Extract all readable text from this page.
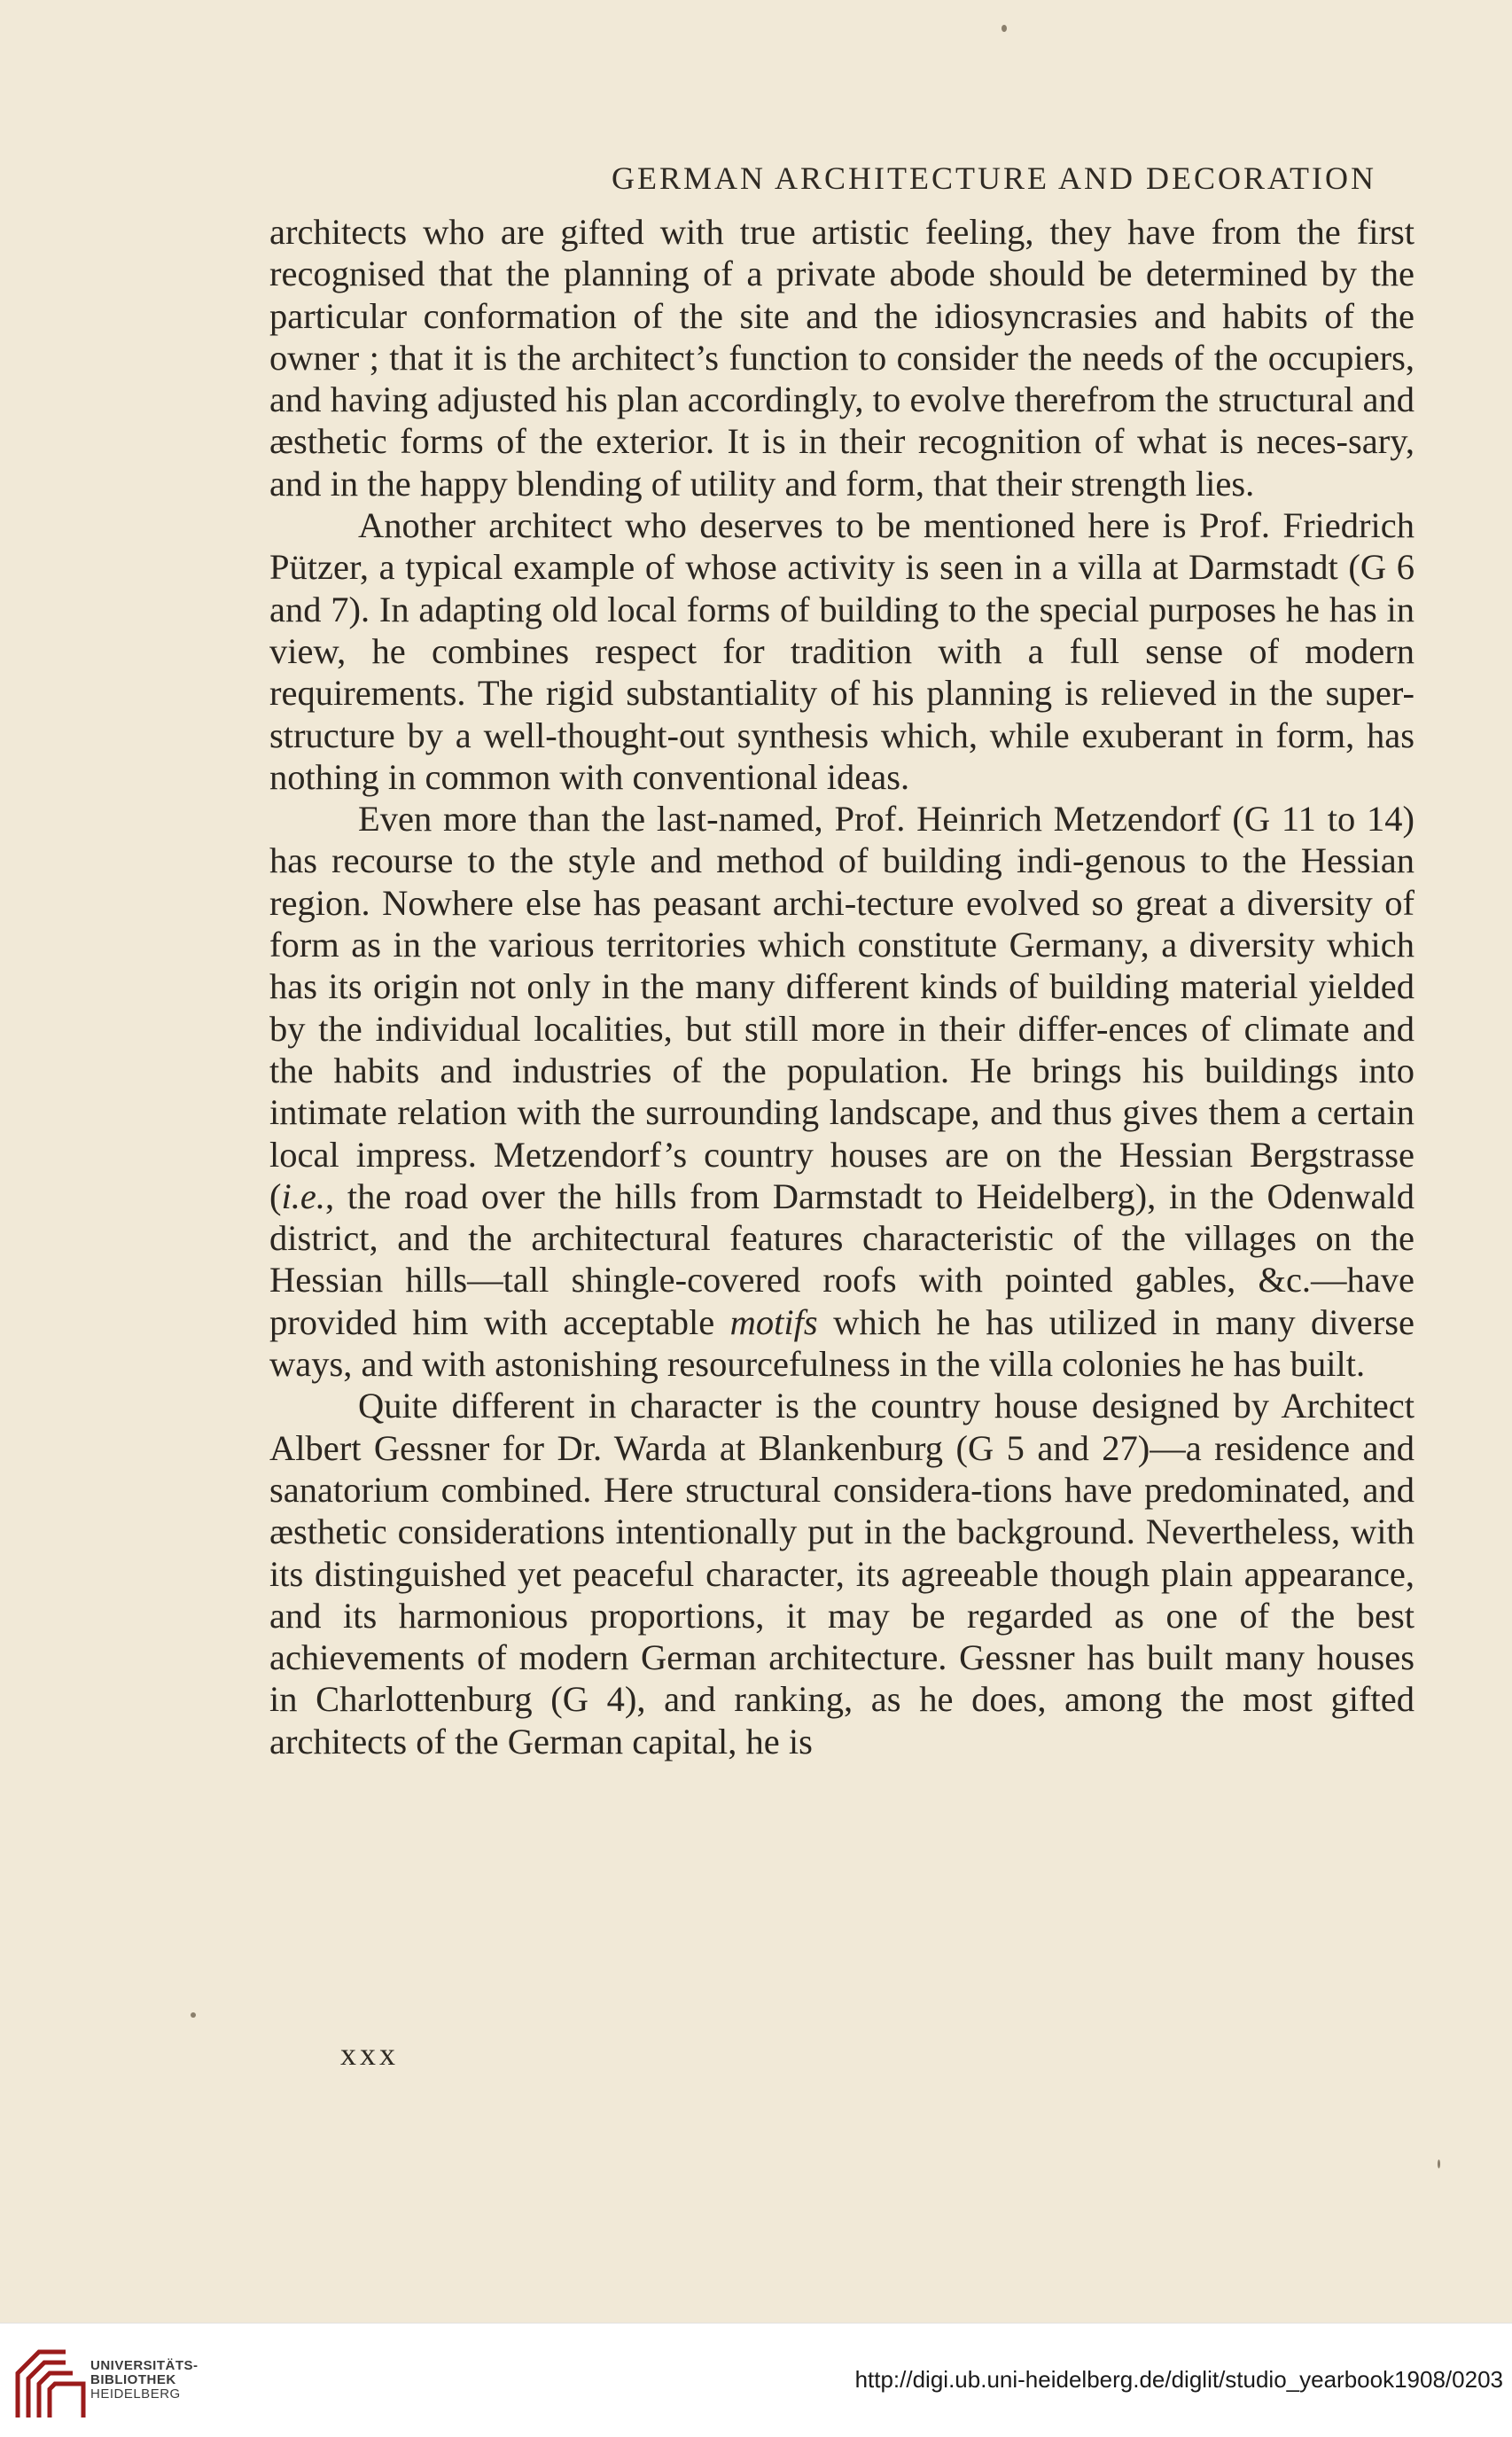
GERMAN ARCHITECTURE AND DECORATION

architects who are gifted with true artistic feeling, they have from the first recognised that the planning of a private abode should be determined by the particular conformation of the site and the idiosyncrasies and habits of the owner ; that it is the architect’s function to consider the needs of the occupiers, and having adjusted his plan accordingly, to evolve therefrom the structural and æsthetic forms of the exterior. It is in their recognition of what is neces-sary, and in the happy blending of utility and form, that their strength lies.

Another architect who deserves to be mentioned here is Prof. Friedrich Pützer, a typical example of whose activity is seen in a villa at Darmstadt (G 6 and 7). In adapting old local forms of building to the special purposes he has in view, he combines respect for tradition with a full sense of modern requirements. The rigid substantiality of his planning is relieved in the super-structure by a well-thought-out synthesis which, while exuberant in form, has nothing in common with conventional ideas.

Even more than the last-named, Prof. Heinrich Metzendorf (G 11 to 14) has recourse to the style and method of building indi-genous to the Hessian region. Nowhere else has peasant archi-tecture evolved so great a diversity of form as in the various territories which constitute Germany, a diversity which has its origin not only in the many different kinds of building material yielded by the individual localities, but still more in their differ-ences of climate and the habits and industries of the population. He brings his buildings into intimate relation with the surrounding landscape, and thus gives them a certain local impress. Metzendorf’s country houses are on the Hessian Bergstrasse (i.e., the road over the hills from Darmstadt to Heidelberg), in the Odenwald district, and the architectural features characteristic of the villages on the Hessian hills—tall shingle-covered roofs with pointed gables, &c.—have provided him with acceptable motifs which he has utilized in many diverse ways, and with astonishing resourcefulness in the villa colonies he has built.

Quite different in character is the country house designed by Architect Albert Gessner for Dr. Warda at Blankenburg (G 5 and 27)—a residence and sanatorium combined. Here structural considera-tions have predominated, and æsthetic considerations intentionally put in the background. Nevertheless, with its distinguished yet peaceful character, its agreeable though plain appearance, and its harmonious proportions, it may be regarded as one of the best achievements of modern German architecture. Gessner has built many houses in Charlottenburg (G 4), and ranking, as he does, among the most gifted architects of the German capital, he is

xxx
UNIVERSITÄTS-
BIBLIOTHEK
HEIDELBERG
http://digi.ub.uni-heidelberg.de/diglit/studio_yearbook1908/0203
